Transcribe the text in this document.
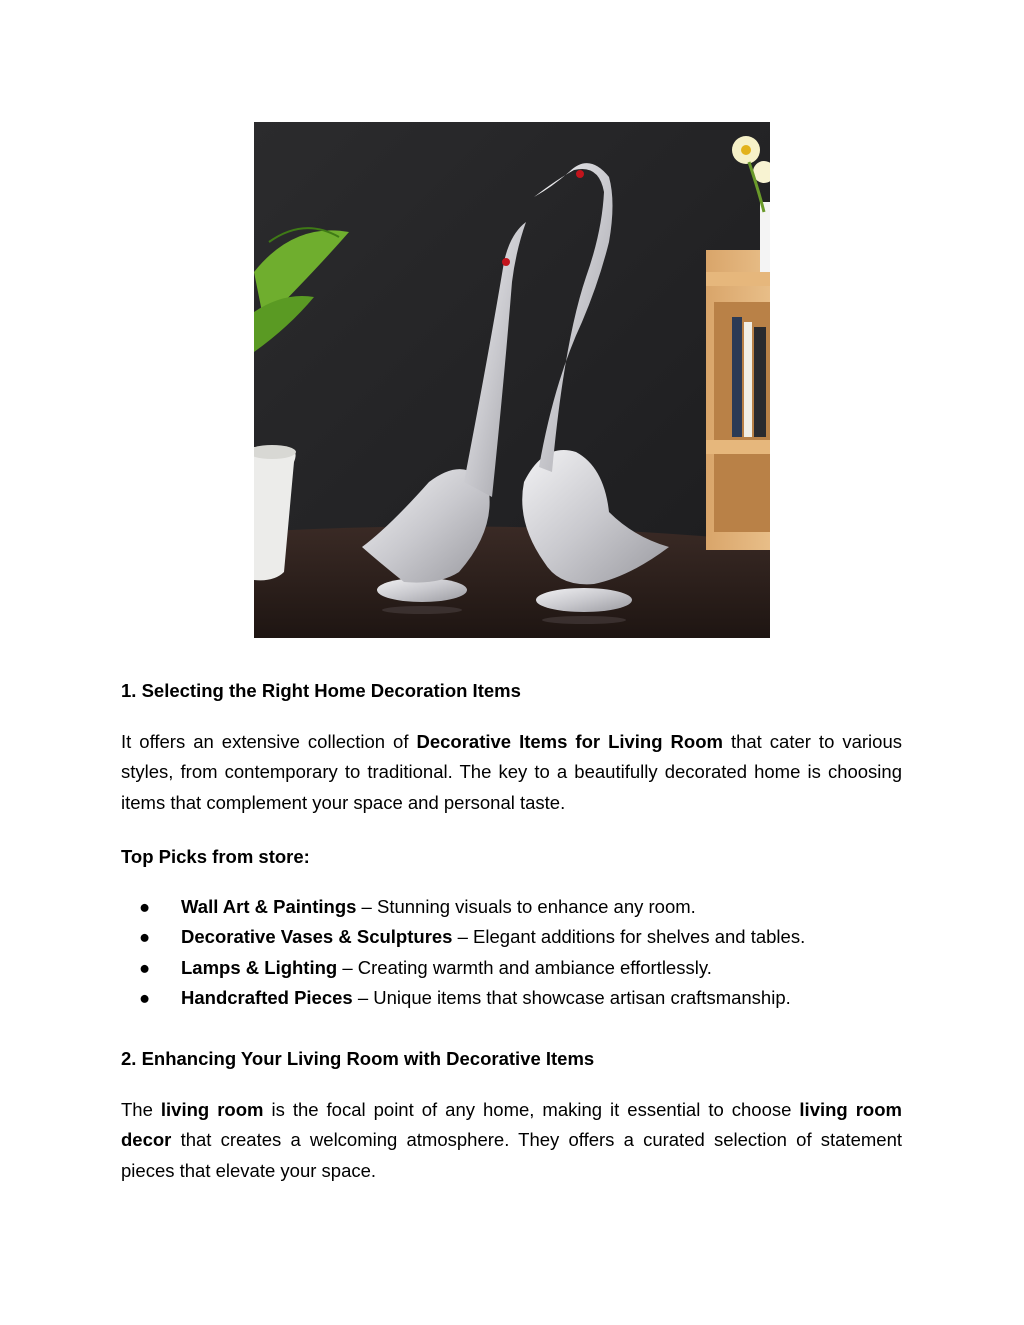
1. Selecting the Right Home Decoration Items
It offers an extensive collection of Decorative Items for Living Room that cater to various styles, from contemporary to traditional. The key to a beautifully decorated home is choosing items that complement your space and personal taste.
Top Picks from store:
● Wall Art & Paintings – Stunning visuals to enhance any room.
● Decorative Vases & Sculptures – Elegant additions for shelves and tables.
● Lamps & Lighting – Creating warmth and ambiance effortlessly.
● Handcrafted Pieces – Unique items that showcase artisan craftsmanship.
2. Enhancing Your Living Room with Decorative Items
The living room is the focal point of any home, making it essential to choose living room decor that creates a welcoming atmosphere. They offers a curated selection of statement pieces that elevate your space.
